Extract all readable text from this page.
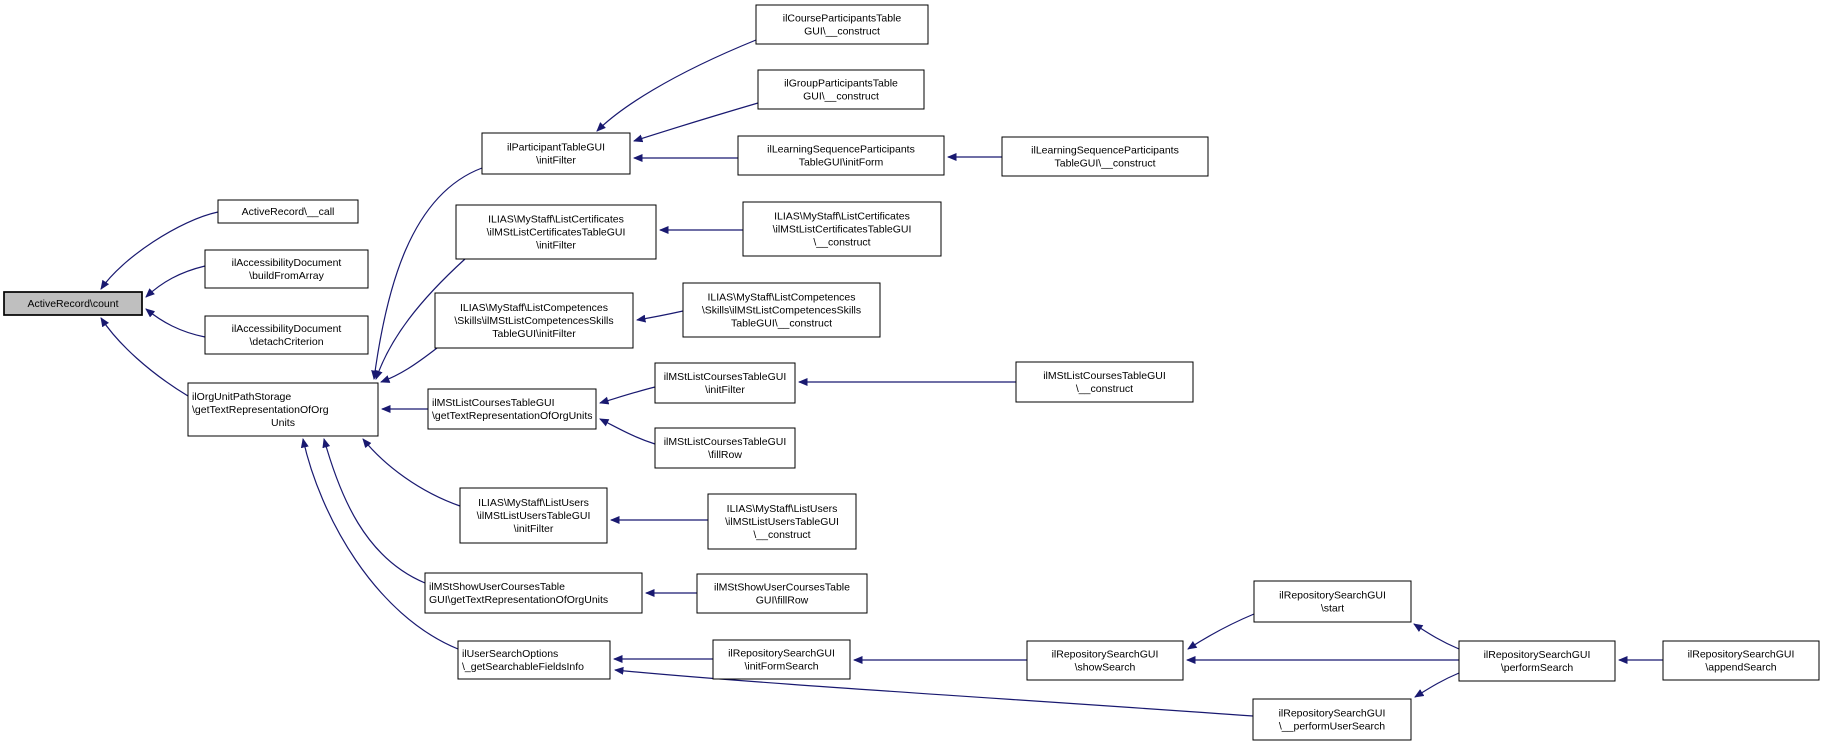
ActiveRecord\count
ActiveRecord\__call
ilAccessibilityDocument
\buildFromArray
ilAccessibilityDocument
\detachCriterion
ilOrgUnitPathStorage
\getTextRepresentationOfOrg
Units
ilParticipantTableGUI
\initFilter
ilCourseParticipantsTable
GUI\__construct
ilGroupParticipantsTable
GUI\__construct
ilLearningSequenceParticipants
TableGUI\initForm
ilLearningSequenceParticipants
TableGUI\__construct
ILIAS\MyStaff\ListCertificates
\ilMStListCertificatesTableGUI
\initFilter
ILIAS\MyStaff\ListCertificates
\ilMStListCertificatesTableGUI
\__construct
ILIAS\MyStaff\ListCompetences
\Skills\ilMStListCompetencesSkills
TableGUI\initFilter
ILIAS\MyStaff\ListCompetences
\Skills\ilMStListCompetencesSkills
TableGUI\__construct
ilMStListCoursesTableGUI
\getTextRepresentationOfOrgUnits
ilMStListCoursesTableGUI
\initFilter
ilMStListCoursesTableGUI
\fillRow
ilMStListCoursesTableGUI
\__construct
ILIAS\MyStaff\ListUsers
\ilMStListUsersTableGUI
\initFilter
ILIAS\MyStaff\ListUsers
\ilMStListUsersTableGUI
\__construct
ilMStShowUserCoursesTable
GUI\getTextRepresentationOfOrgUnits
ilMStShowUserCoursesTable
GUI\fillRow
ilUserSearchOptions
\_getSearchableFieldsInfo
ilRepositorySearchGUI
\initFormSearch
ilRepositorySearchGUI
\showSearch
ilRepositorySearchGUI
\start
ilRepositorySearchGUI
\__performUserSearch
ilRepositorySearchGUI
\performSearch
ilRepositorySearchGUI
\appendSearch
